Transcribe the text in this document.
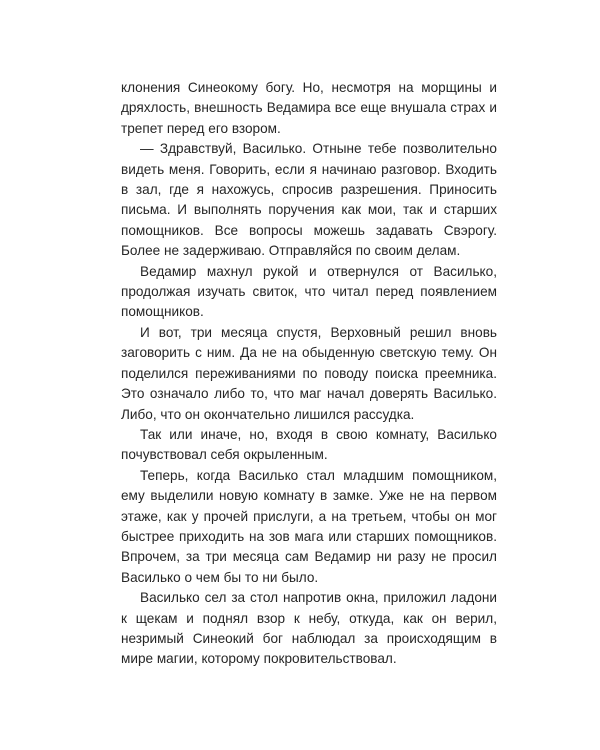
клонения Синеокому богу. Но, несмотря на морщины и дряхлость, внешность Ведамира все еще внушала страх и трепет перед его взором.

— Здравствуй, Василько. Отныне тебе позволительно видеть меня. Говорить, если я начинаю разговор. Входить в зал, где я нахожусь, спросив разрешения. Приносить письма. И выполнять поручения как мои, так и старших помощников. Все вопросы можешь задавать Свэрогу. Более не задерживаю. Отправляйся по своим делам.

Ведамир махнул рукой и отвернулся от Василько, продолжая изучать свиток, что читал перед появлением помощников.

И вот, три месяца спустя, Верховный решил вновь заговорить с ним. Да не на обыденную светскую тему. Он поделился переживаниями по поводу поиска преемника. Это означало либо то, что маг начал доверять Василько. Либо, что он окончательно лишился рассудка.

Так или иначе, но, входя в свою комнату, Василько почувствовал себя окрыленным.

Теперь, когда Василько стал младшим помощником, ему выделили новую комнату в замке. Уже не на первом этаже, как у прочей прислуги, а на третьем, чтобы он мог быстрее приходить на зов мага или старших помощников. Впрочем, за три месяца сам Ведамир ни разу не просил Василько о чем бы то ни было.

Василько сел за стол напротив окна, приложил ладони к щекам и поднял взор к небу, откуда, как он верил, незримый Синеокий бог наблюдал за происходящим в мире магии, которому покровительствовал.
